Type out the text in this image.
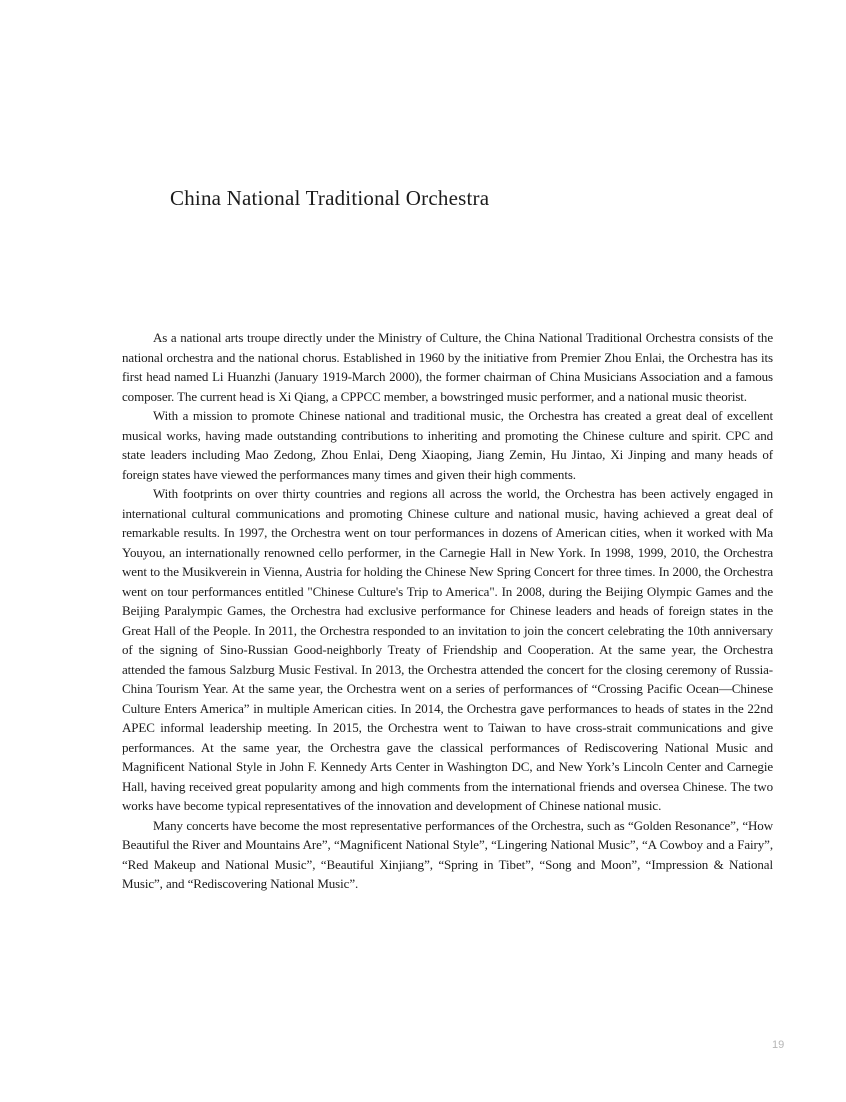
China National Traditional Orchestra

As a national arts troupe directly under the Ministry of Culture, the China National Traditional Orchestra consists of the national orchestra and the national chorus. Established in 1960 by the initiative from Premier Zhou Enlai, the Orchestra has its first head named Li Huanzhi (January 1919-March 2000), the former chairman of China Musicians Association and a famous composer. The current head is Xi Qiang, a CPPCC member, a bowstringed music performer, and a national music theorist.

With a mission to promote Chinese national and traditional music, the Orchestra has created a great deal of excellent musical works, having made outstanding contributions to inheriting and promoting the Chinese culture and spirit. CPC and state leaders including Mao Zedong, Zhou Enlai, Deng Xiaoping, Jiang Zemin, Hu Jintao, Xi Jinping and many heads of foreign states have viewed the performances many times and given their high comments.

With footprints on over thirty countries and regions all across the world, the Orchestra has been actively engaged in international cultural communications and promoting Chinese culture and national music, having achieved a great deal of remarkable results. In 1997, the Orchestra went on tour performances in dozens of American cities, when it worked with Ma Youyou, an internationally renowned cello performer, in the Carnegie Hall in New York. In 1998, 1999, 2010, the Orchestra went to the Musikverein in Vienna, Austria for holding the Chinese New Spring Concert for three times. In 2000, the Orchestra went on tour performances entitled "Chinese Culture's Trip to America". In 2008, during the Beijing Olympic Games and the Beijing Paralympic Games, the Orchestra had exclusive performance for Chinese leaders and heads of foreign states in the Great Hall of the People. In 2011, the Orchestra responded to an invitation to join the concert celebrating the 10th anniversary of the signing of Sino-Russian Good-neighborly Treaty of Friendship and Cooperation. At the same year, the Orchestra attended the famous Salzburg Music Festival. In 2013, the Orchestra attended the concert for the closing ceremony of Russia-China Tourism Year. At the same year, the Orchestra went on a series of performances of “Crossing Pacific Ocean—Chinese Culture Enters America” in multiple American cities. In 2014, the Orchestra gave performances to heads of states in the 22nd APEC informal leadership meeting. In 2015, the Orchestra went to Taiwan to have cross-strait communications and give performances. At the same year, the Orchestra gave the classical performances of Rediscovering National Music and Magnificent National Style in John F. Kennedy Arts Center in Washington DC, and New York’s Lincoln Center and Carnegie Hall, having received great popularity among and high comments from the international friends and oversea Chinese. The two works have become typical representatives of the innovation and development of Chinese national music.

Many concerts have become the most representative performances of the Orchestra, such as “Golden Resonance”, “How Beautiful the River and Mountains Are”, “Magnificent National Style”, “Lingering National Music”, “A Cowboy and a Fairy”, “Red Makeup and National Music”, “Beautiful Xinjiang”, “Spring in Tibet”, “Song and Moon”, “Impression & National Music”, and “Rediscovering National Music”.

19
